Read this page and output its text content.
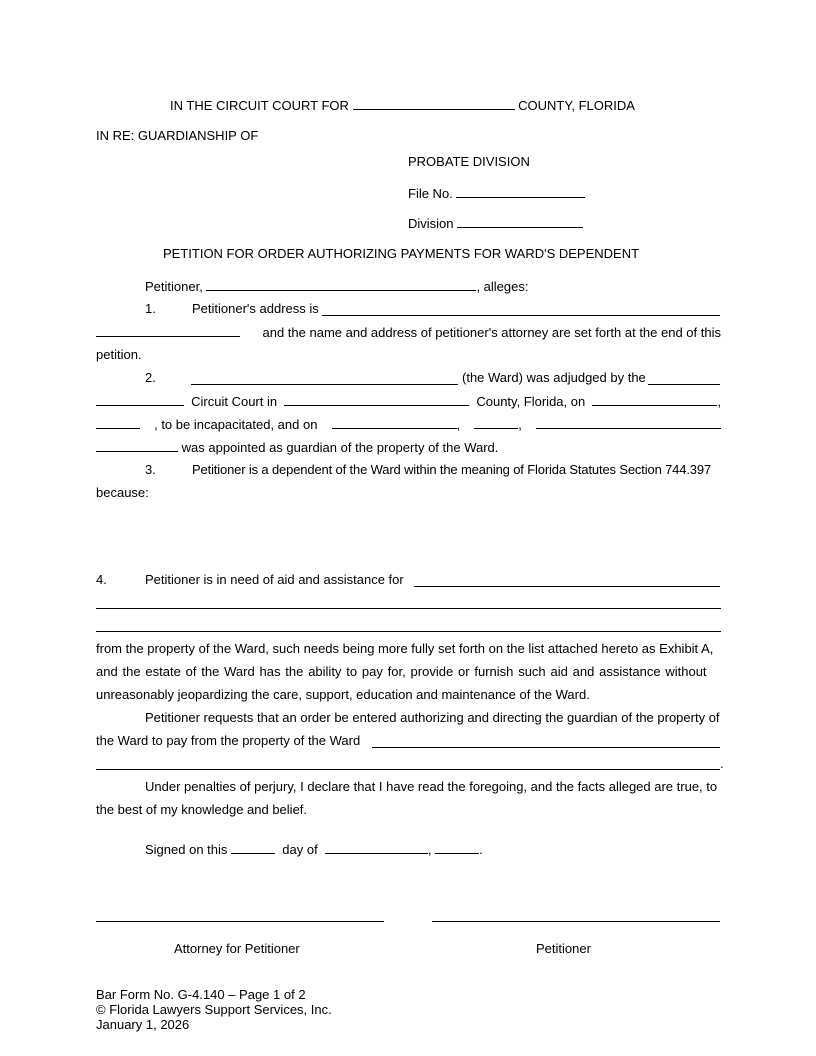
IN THE CIRCUIT COURT FOR	COUNTY, FLORIDA
IN RE: GUARDIANSHIP OF
PROBATE DIVISION
File No.
Division
PETITION FOR ORDER AUTHORIZING PAYMENTS FOR WARD'S DEPENDENT
Petitioner,	, alleges:
1.	Petitioner's address is
and the name and address of petitioner's attorney are set forth at the end of this
petition.
2.	(the Ward) was adjudged by the
Circuit Court in	County, Florida, on	,
, to be incapacitated, and on	,	,
was appointed as guardian of the property of the Ward.
3.	Petitioner is a dependent of the Ward within the meaning of Florida Statutes Section 744.397
because:
4.	Petitioner is in need of aid and assistance for
from the property of the Ward, such needs being more fully set forth on the list attached hereto as Exhibit A,
and the estate of the Ward has the ability to pay for, provide or furnish such aid and assistance without
unreasonably jeopardizing the care, support, education and maintenance of the Ward.
Petitioner requests that an order be entered authorizing and directing the guardian of the property of
the Ward to pay from the property of the Ward
.
Under penalties of perjury, I declare that I have read the foregoing, and the facts alleged are true, to
the best of my knowledge and belief.
Signed on this	day of	,	.
Attorney for Petitioner	Petitioner
Bar Form No. G-4.140 – Page 1 of 2
© Florida Lawyers Support Services, Inc.
January 1, 2026
